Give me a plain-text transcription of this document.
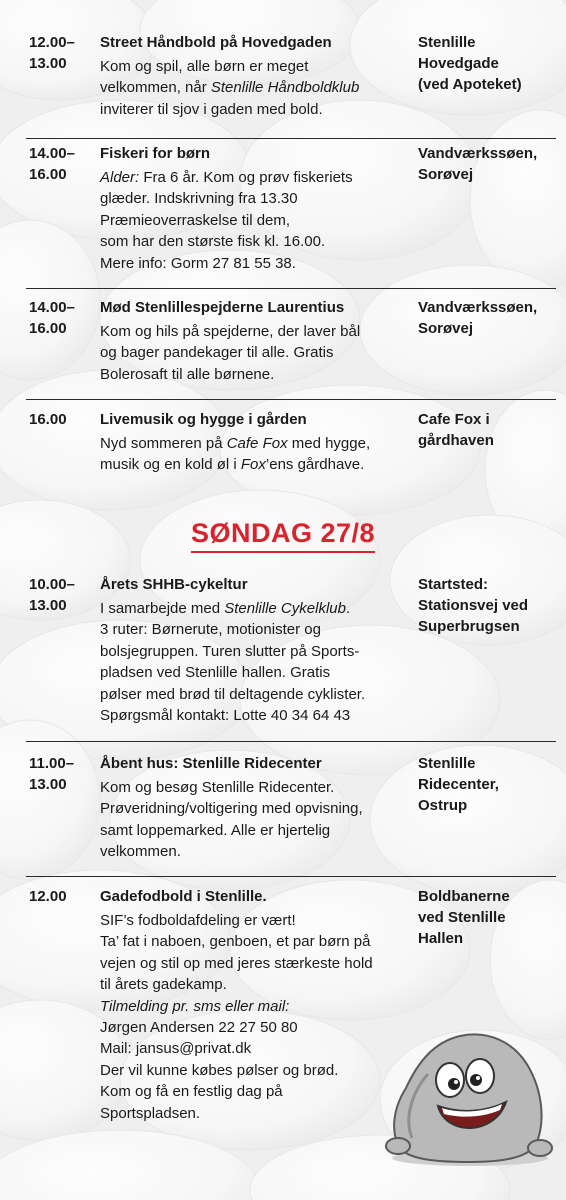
12.00–
13.00
Street Håndbold på Hovedgaden
Kom og spil, alle børn er meget
velkommen, når Stenlille Håndboldklub
inviterer til sjov i gaden med bold.
Stenlille
Hovedgade
(ved Apoteket)
14.00–
16.00
Fiskeri for børn
Alder: Fra 6 år. Kom og prøv fiskeriets
glæder. Indskrivning fra 13.30
Præmieoverraskelse til dem,
som har den største fisk kl. 16.00.
Mere info: Gorm 27 81 55 38.
Vandværkssøen,
Sorøvej
14.00–
16.00
Mød Stenlillespejderne Laurentius
Kom og hils på spejderne, der laver bål
og bager pandekager til alle. Gratis
Bolerosaft til alle børnene.
Vandværkssøen,
Sorøvej
16.00	Livemusik og hygge i gården
Nyd sommeren på Cafe Fox med hygge,
musik og en kold øl i Fox’ens gårdhave.
Cafe Fox i
gårdhaven
SØNDAG 27/8
10.00–
13.00
Årets SHHB-cykeltur
I samarbejde med Stenlille Cykelklub.
3 ruter: Børnerute, motionister og
bolsjegruppen. Turen slutter på Sports-
pladsen ved Stenlille hallen. Gratis
pølser med brød til deltagende cyklister.
Spørgsmål kontakt: Lotte 40 34 64 43
Startsted:
Stationsvej ved
Superbrugsen
11.00–
13.00
Åbent hus: Stenlille Ridecenter
Kom og besøg Stenlille Ridecenter.
Prøveridning/voltigering med opvisning,
samt loppemarked. Alle er hjertelig
velkommen.
Stenlille
Ridecenter,
Ostrup
12.00	Gadefodbold i Stenlille.
SIF’s fodboldafdeling er vært!
Ta’ fat i naboen, genboen, et par børn på
vejen og stil op med jeres stærkeste hold
til årets gadekamp.
Tilmelding pr. sms eller mail:
Jørgen Andersen 22 27 50 80
Mail: jansus@privat.dk
Der vil kunne købes pølser og brød.
Kom og få en festlig dag på
Sportspladsen.
Boldbanerne
ved Stenlille
Hallen
